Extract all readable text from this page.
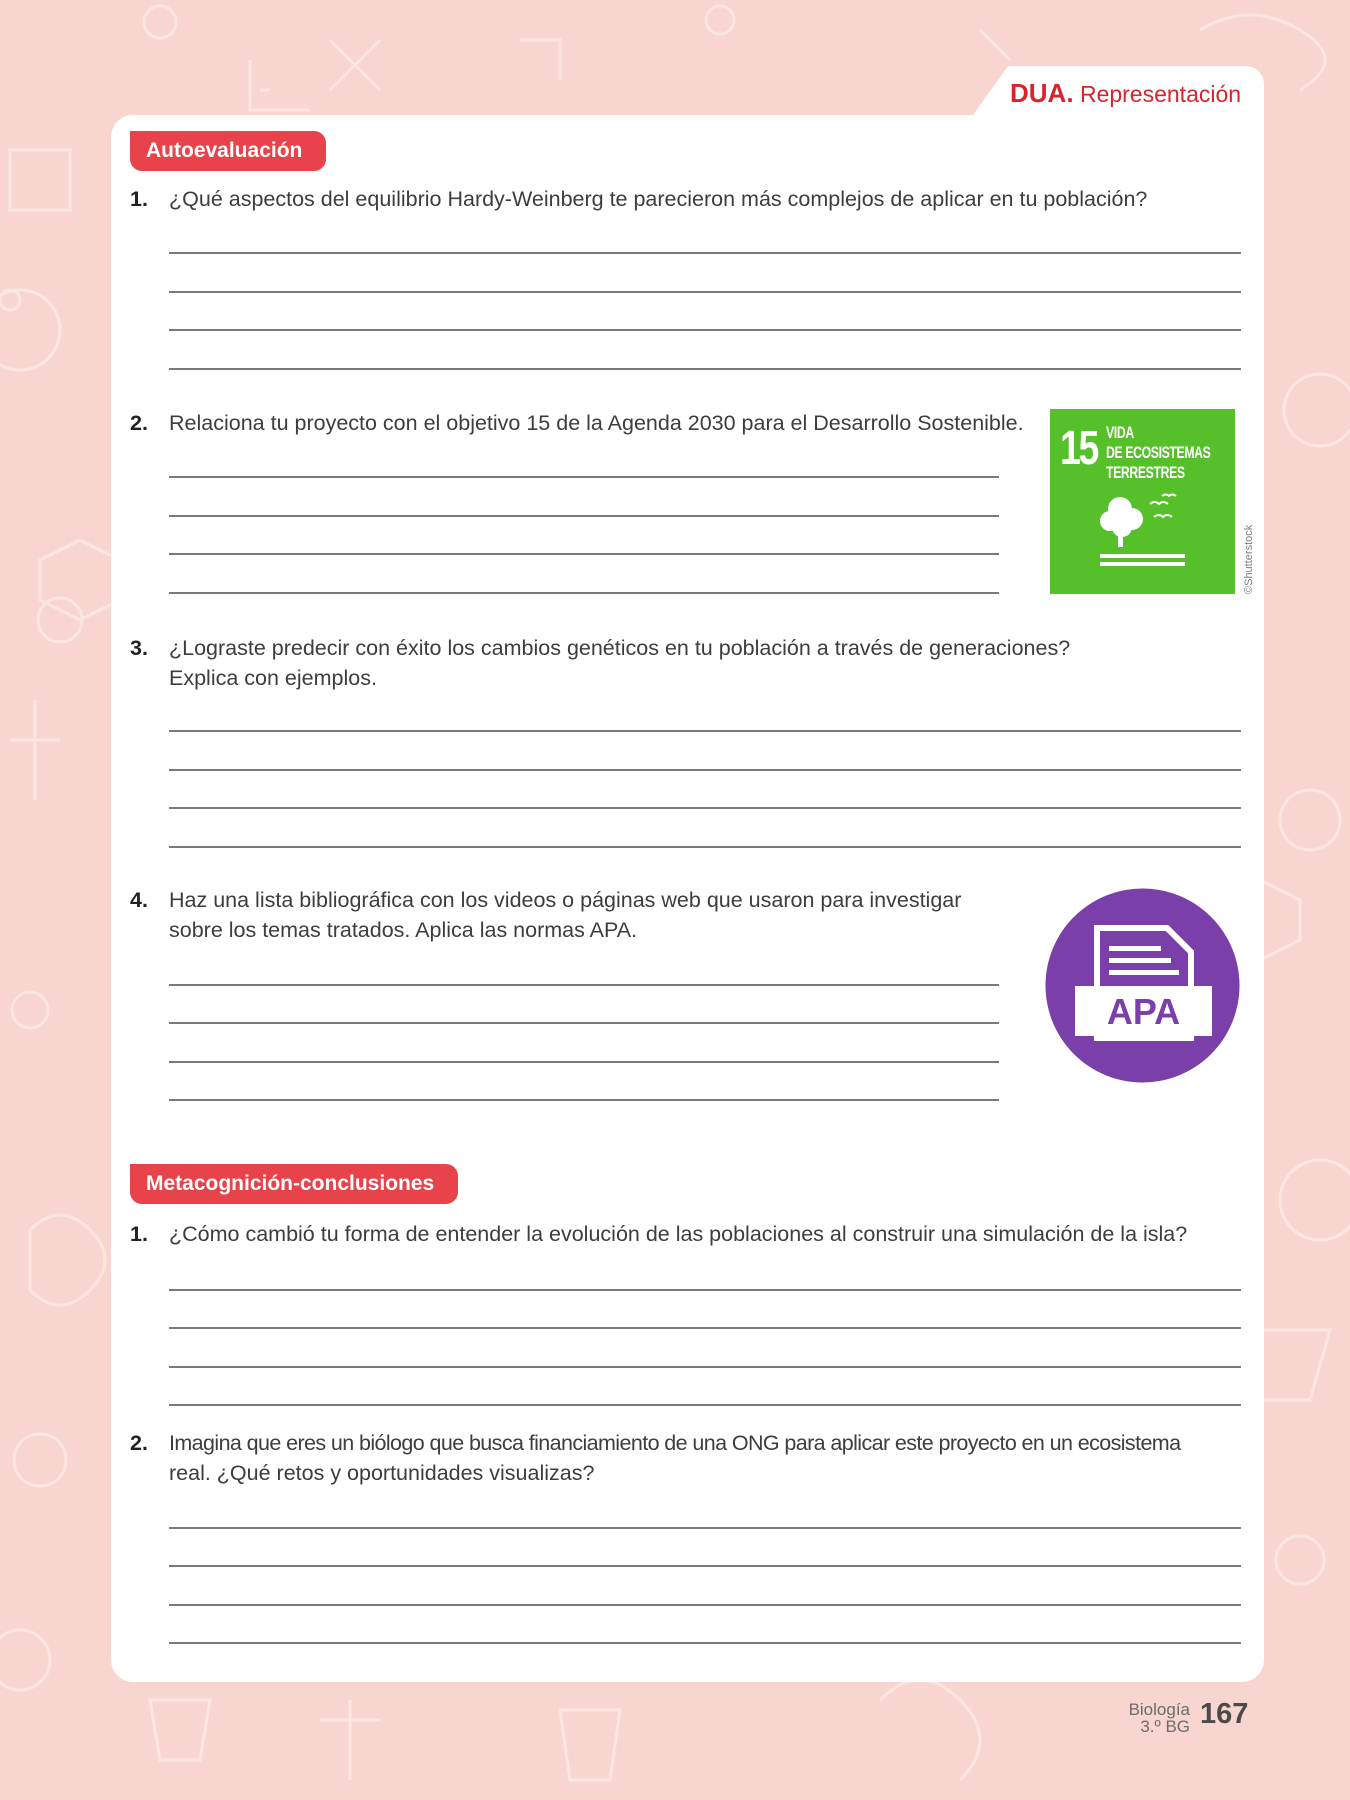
DUA. Representación
Autoevaluación
1. ¿Qué aspectos del equilibrio Hardy-Weinberg te parecieron más complejos de aplicar en tu población?
2. Relaciona tu proyecto con el objetivo 15 de la Agenda 2030 para el Desarrollo Sostenible. 15 VIDA
DE ECOSISTEMAS
TERRESTRES
©Shutterstock
3. ¿Lograste predecir con éxito los cambios genéticos en tu población a través de generaciones?
Explica con ejemplos.
4. Haz una lista bibliográfica con los videos o páginas web que usaron para investigar
sobre los temas tratados. Aplica las normas APA.
APA
Metacognición-conclusiones
1. ¿Cómo cambió tu forma de entender la evolución de las poblaciones al construir una simulación de la isla?
2. Imagina que eres un biólogo que busca financiamiento de una ONG para aplicar este proyecto en un ecosistema
real. ¿Qué retos y oportunidades visualizas?
Biología
3.º BG 167
